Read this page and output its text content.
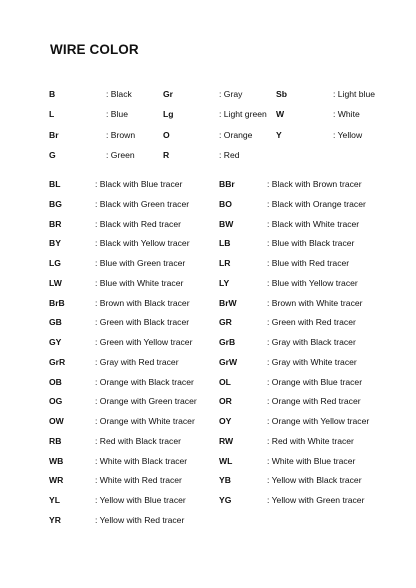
WIRE COLOR
B	: Black	Gr	: Gray	Sb	: Light blue
L	: Blue	Lg	: Light green W	: White
Br	: Brown	O	: Orange	Y	: Yellow
G	: Green	R	: Red
BL	: Black with Blue tracer	BBr	: Black with Brown tracer
BG	: Black with Green tracer	BO	: Black with Orange tracer
BR	: Black with Red tracer	BW	: Black with White tracer
BY	: Black with Yellow tracer	LB	: Blue with Black tracer
LG	: Blue with Green tracer	LR	: Blue with Red tracer
LW	: Blue with White tracer	LY	: Blue with Yellow tracer
BrB	: Brown with Black tracer	BrW	: Brown with White tracer
GB	: Green with Black tracer	GR	: Green with Red tracer
GY	: Green with Yellow tracer	GrB	: Gray with Black tracer
GrR	: Gray with Red tracer	GrW	: Gray with White tracer
OB	: Orange with Black tracer	OL	: Orange with Blue tracer
OG	: Orange with Green tracer	OR	: Orange with Red tracer
OW	: Orange with White tracer	OY	: Orange with Yellow tracer
RB	: Red with Black tracer	RW	: Red with White tracer
WB	: White with Black tracer	WL	: White with Blue tracer
WR	: White with Red tracer	YB	: Yellow with Black tracer
YL	: Yellow with Blue tracer	YG	: Yellow with Green tracer
YR	: Yellow with Red tracer
